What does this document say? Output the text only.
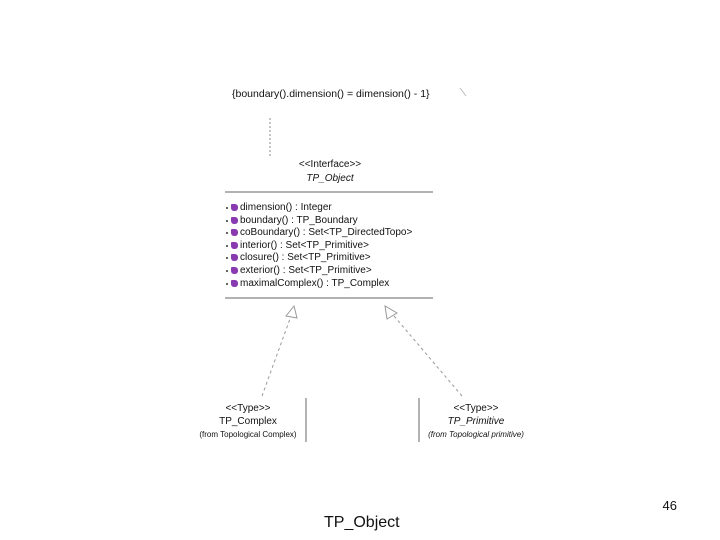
{boundary().dimension() = dimension() - 1}
<<Interface>>
TP_Object
dimension() : Integer
boundary() : TP_Boundary
coBoundary() : Set<TP_DirectedTopo>
interior() : Set<TP_Primitive>
closure() : Set<TP_Primitive>
exterior() : Set<TP_Primitive>
maximalComplex() : TP_Complex
<<Type>>
TP_Complex
(from Topological Complex)
<<Type>>
TP_Primitive
(from Topological primitive)
46
TP_Object
